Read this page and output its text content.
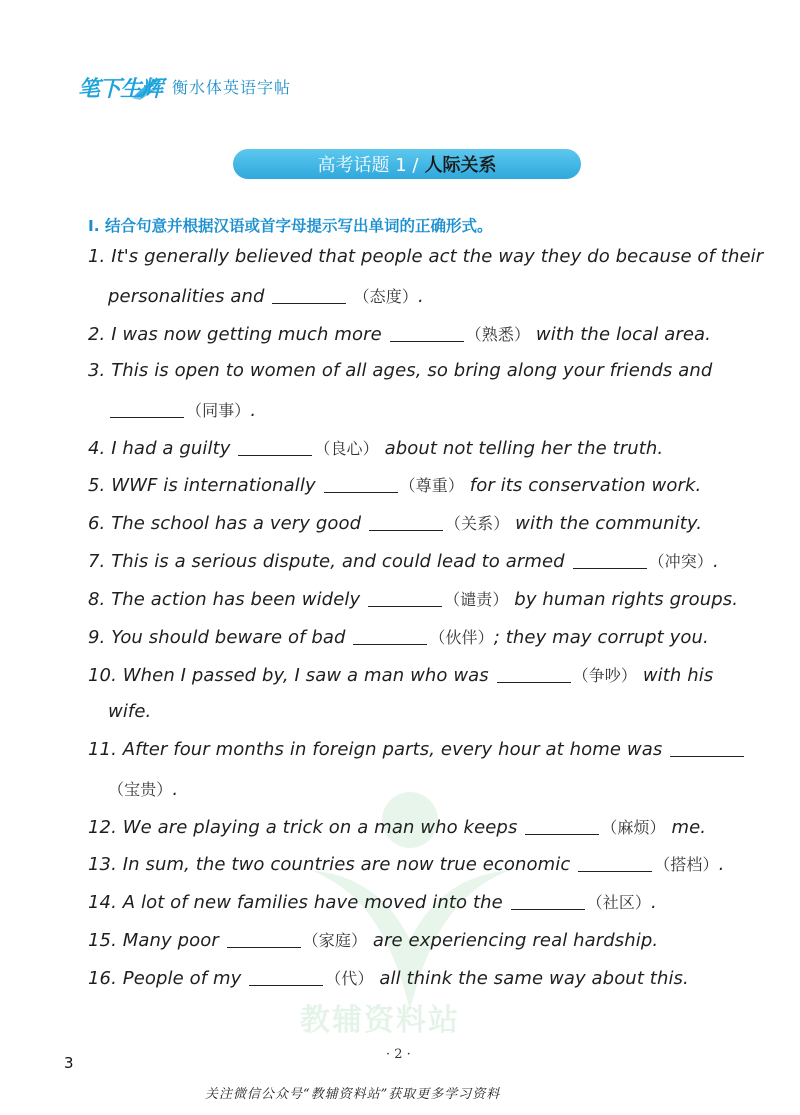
笔下生辉 衡水体英语字帖
高考话题 1 / 人际关系
I. 结合句意并根据汉语或首字母提示写出单词的正确形式。
教辅资料站
1. It's generally believed that people act the way they do because of their
personalities and	（态度）.
2. I was now getting much more	（熟悉） with the local area.
3. This is open to women of all ages, so bring along your friends and
（同事）.
4. I had a guilty	（良心） about not telling her the truth.
5. WWF is internationally	（尊重） for its conservation work.
6. The school has a very good	（关系） with the community.
7. This is a serious dispute, and could lead to armed	（冲突）.
8. The action has been widely	（谴责） by human rights groups.
9. You should beware of bad	（伙伴）; they may corrupt you.
10. When I passed by, I saw a man who was	（争吵） with his
wife.
11. After four months in foreign parts, every hour at home was
（宝贵）.
12. We are playing a trick on a man who keeps	（麻烦） me.
13. In sum, the two countries are now true economic	（搭档）.
14. A lot of new families have moved into the	（社区）.
15. Many poor	（家庭） are experiencing real hardship.
16. People of my	（代） all think the same way about this.
3	· 2 ·
关注微信公众号“教辅资料站”获取更多学习资料
